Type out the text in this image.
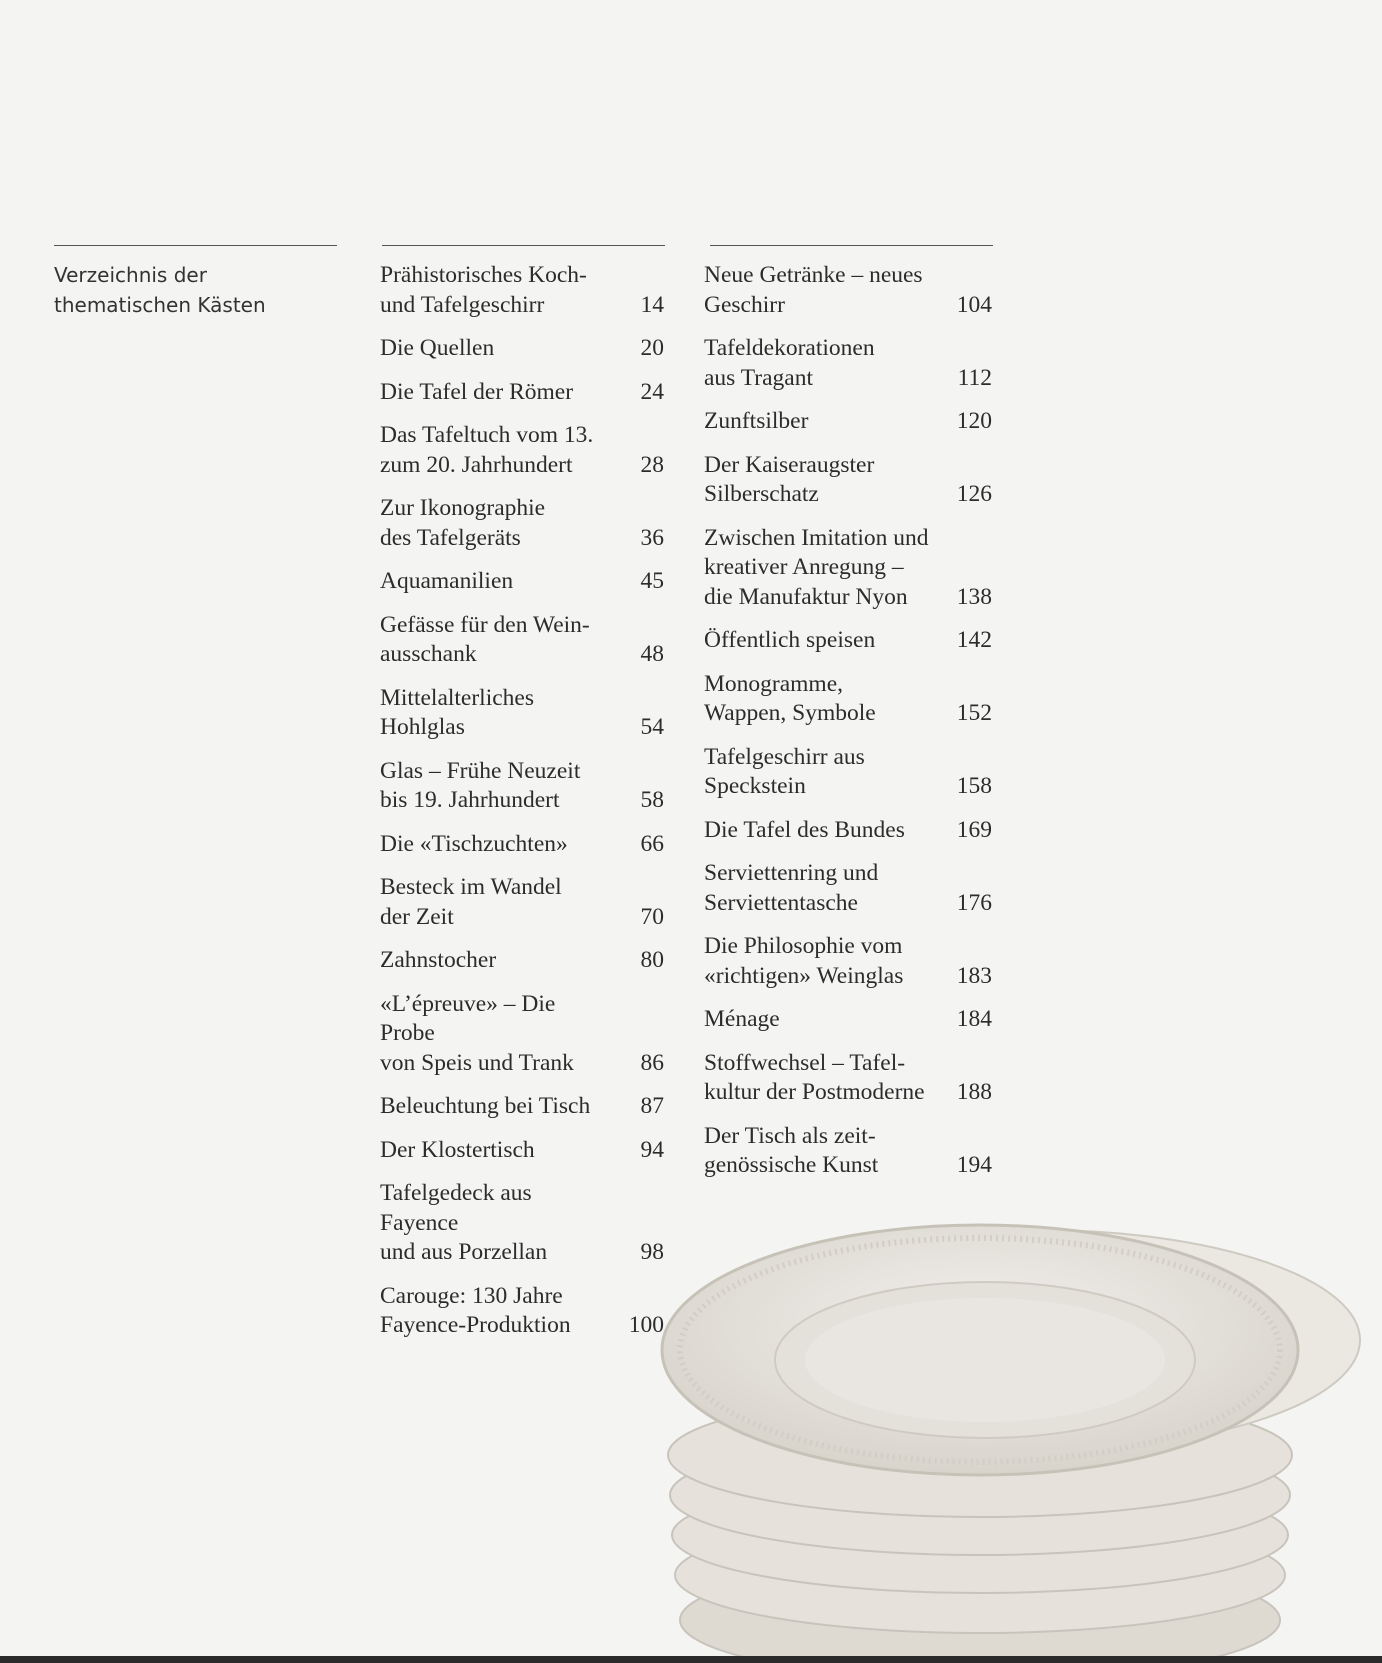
Verzeichnis der
thematischen Kästen
Prähistorisches Koch-
und Tafelgeschirr	14
Die Quellen	20
Die Tafel der Römer	24
Das Tafeltuch vom 13.
zum 20. Jahrhundert	28
Zur Ikonographie
des Tafelgeräts	36
Aquamanilien	45
Gefässe für den Wein-
ausschank	48
Mittelalterliches
Hohlglas	54
Glas – Frühe Neuzeit
bis 19. Jahrhundert	58
Die «Tischzuchten»	66
Besteck im Wandel
der Zeit	70
Zahnstocher	80
«L’épreuve» – Die Probe
von Speis und Trank	86
Beleuchtung bei Tisch	87
Der Klostertisch	94
Tafelgedeck aus Fayence
und aus Porzellan	98
Carouge: 130 Jahre
Fayence-Produktion	100
Neue Getränke – neues
Geschirr	104
Tafeldekorationen
aus Tragant	112
Zunftsilber	120
Der Kaiseraugster
Silberschatz	126
Zwischen Imitation und
kreativer Anregung –
die Manufaktur Nyon	138
Öffentlich speisen	142
Monogramme,
Wappen, Symbole	152
Tafelgeschirr aus
Speckstein	158
Die Tafel des Bundes	169
Serviettenring und
Serviettentasche	176
Die Philosophie vom
«richtigen» Weinglas	183
Ménage	184
Stoffwechsel – Tafel-
kultur der Postmoderne	188
Der Tisch als zeit-
genössische Kunst	194
